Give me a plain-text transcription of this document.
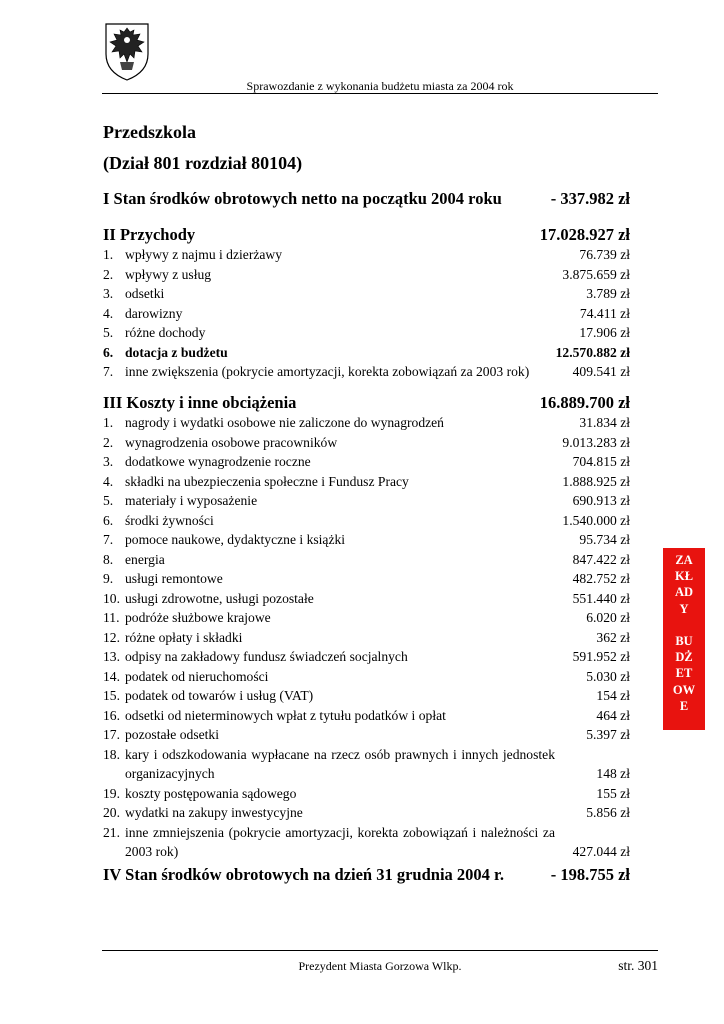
Sprawozdanie z wykonania budżetu miasta za 2004 rok
Przedszkola
(Dział 801 rozdział 80104)
I Stan środków obrotowych netto na początku 2004 roku	- 337.982 zł
II Przychody	17.028.927 zł
1. wpływy z najmu i dzierżawy	76.739 zł
2. wpływy z usług	3.875.659 zł
3. odsetki	3.789 zł
4. darowizny	74.411 zł
5. różne dochody	17.906 zł
6. dotacja z budżetu	12.570.882 zł
7. inne zwiększenia (pokrycie amortyzacji, korekta zobowiązań za 2003 rok)	409.541 zł
III Koszty i inne obciążenia	16.889.700 zł
1. nagrody i wydatki osobowe nie zaliczone do wynagrodzeń	31.834 zł
2. wynagrodzenia osobowe pracowników	9.013.283 zł
3. dodatkowe wynagrodzenie roczne	704.815 zł
4. składki na ubezpieczenia społeczne i Fundusz Pracy	1.888.925 zł
5. materiały i wyposażenie	690.913 zł
6. środki żywności	1.540.000 zł
7. pomoce naukowe, dydaktyczne i książki	95.734 zł
8. energia	847.422 zł
9. usługi remontowe	482.752 zł
10. usługi zdrowotne, usługi pozostałe	551.440 zł
11. podróże służbowe krajowe	6.020 zł
12. różne opłaty i składki	362 zł
13. odpisy na zakładowy fundusz świadczeń socjalnych	591.952 zł
14. podatek od nieruchomości	5.030 zł
15. podatek od towarów i usług (VAT)	154 zł
16. odsetki od nieterminowych wpłat z tytułu podatków i opłat	464 zł
17. pozostałe odsetki	5.397 zł
18. kary i odszkodowania wypłacane na rzecz osób prawnych i innych jednostek organizacyjnych	148 zł
19. koszty postępowania sądowego	155 zł
20. wydatki na zakupy inwestycyjne	5.856 zł
21. inne zmniejszenia (pokrycie amortyzacji, korekta zobowiązań i należności za 2003 rok)	427.044 zł
IV Stan środków obrotowych na dzień 31 grudnia 2004 r.	- 198.755 zł
ZA
KŁ
AD
Y

BU
DŻ
ET
OW
E
Prezydent Miasta Gorzowa Wlkp.	str. 301
